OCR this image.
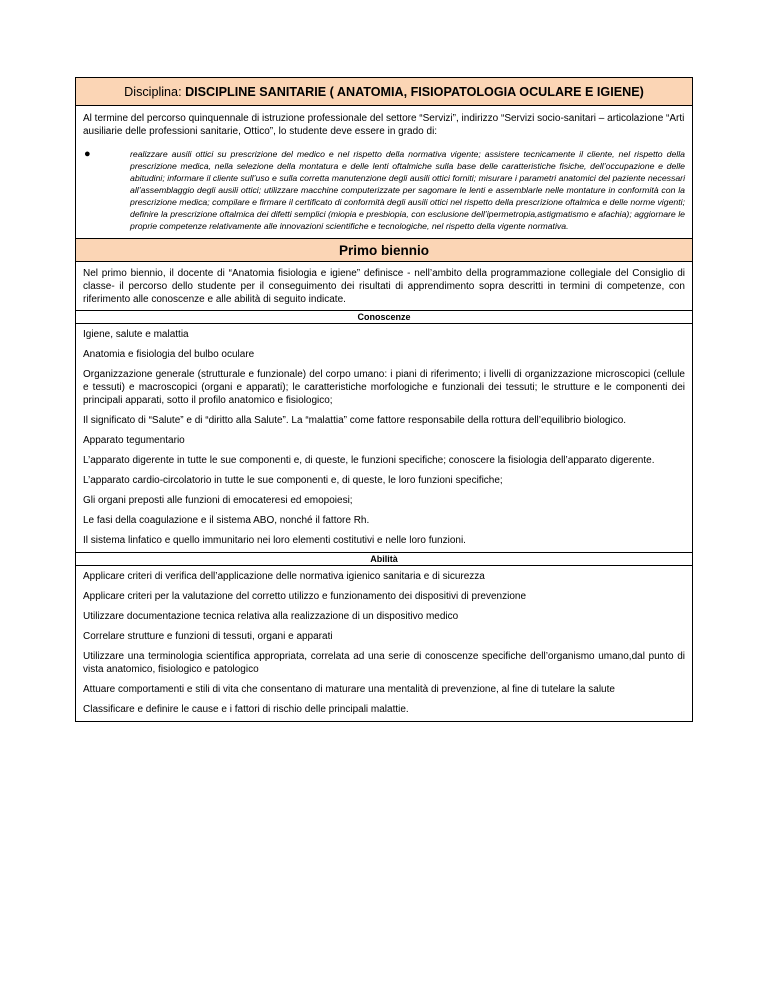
Disciplina: DISCIPLINE SANITARIE ( ANATOMIA, FISIOPATOLOGIA OCULARE E IGIENE)

Al termine del percorso quinquennale di istruzione professionale del settore “Servizi”, indirizzo “Servizi socio-sanitari – articolazione “Arti ausiliarie delle professioni sanitarie, Ottico”, lo studente deve essere in grado di:

●	realizzare ausili ottici su prescrizione del medico e nel rispetto della normativa vigente; assistere tecnicamente il cliente, nel rispetto della prescrizione medica, nella selezione della montatura e delle lenti oftalmiche sulla base delle caratteristiche fisiche, dell’occupazione e delle abitudini; informare il cliente sull’uso e sulla corretta manutenzione degli ausili ottici forniti; misurare i parametri anatomici del paziente necessari all’assemblaggio degli ausili ottici; utilizzare macchine computerizzate per sagomare le lenti e assemblarle nelle montature in conformità con la prescrizione medica; compilare e firmare il certificato di conformità degli ausili ottici nel rispetto della prescrizione oftalmica e delle norme vigenti; definire la prescrizione oftalmica dei difetti semplici (miopia e presbiopia, con esclusione dell’ipermetropia,astigmatismo e afachia); aggiornare le proprie competenze relativamente alle innovazioni scientifiche e tecnologiche, nel rispetto della vigente normativa.
Primo biennio
Nel primo biennio, il docente di “Anatomia fisiologia e igiene” definisce - nell’ambito della programmazione collegiale del Consiglio di classe- il percorso dello studente per il conseguimento dei risultati di apprendimento sopra descritti in termini di competenze, con riferimento alle conoscenze e alle abilità di seguito indicate.
Conoscenze
Igiene, salute e malattia
Anatomia e fisiologia del bulbo oculare
Organizzazione generale (strutturale e funzionale) del corpo umano: i piani di riferimento; i livelli di organizzazione microscopici (cellule e tessuti) e macroscopici (organi e apparati); le caratteristiche morfologiche e funzionali dei tessuti; le strutture e le componenti dei principali apparati, sotto il profilo anatomico e fisiologico;
Il significato di “Salute” e di “diritto alla Salute”. La “malattia” come fattore responsabile della rottura dell’equilibrio biologico.
Apparato tegumentario
L’apparato digerente in tutte le sue componenti e, di queste, le funzioni specifiche; conoscere la fisiologia dell’apparato digerente.
L’apparato cardio-circolatorio in tutte le sue componenti e, di queste, le loro funzioni specifiche;
Gli organi preposti alle funzioni di emocateresi ed emopoiesi;
Le fasi della coagulazione e il sistema ABO, nonché il fattore Rh.
Il sistema linfatico e quello immunitario nei loro elementi costitutivi e nelle loro funzioni.
Abilità
Applicare criteri di verifica dell’applicazione delle normativa igienico sanitaria e di sicurezza
Applicare criteri per la valutazione del corretto utilizzo e funzionamento dei dispositivi di prevenzione
Utilizzare documentazione tecnica relativa alla realizzazione di un dispositivo medico
Correlare strutture e funzioni di tessuti, organi e apparati
Utilizzare una terminologia scientifica appropriata, correlata ad una serie di conoscenze specifiche dell’organismo umano,dal punto di vista anatomico, fisiologico e patologico
Attuare comportamenti e stili di vita che consentano di maturare una mentalità di prevenzione, al fine di tutelare la salute
Classificare e definire le cause e i fattori di rischio delle principali malattie.
